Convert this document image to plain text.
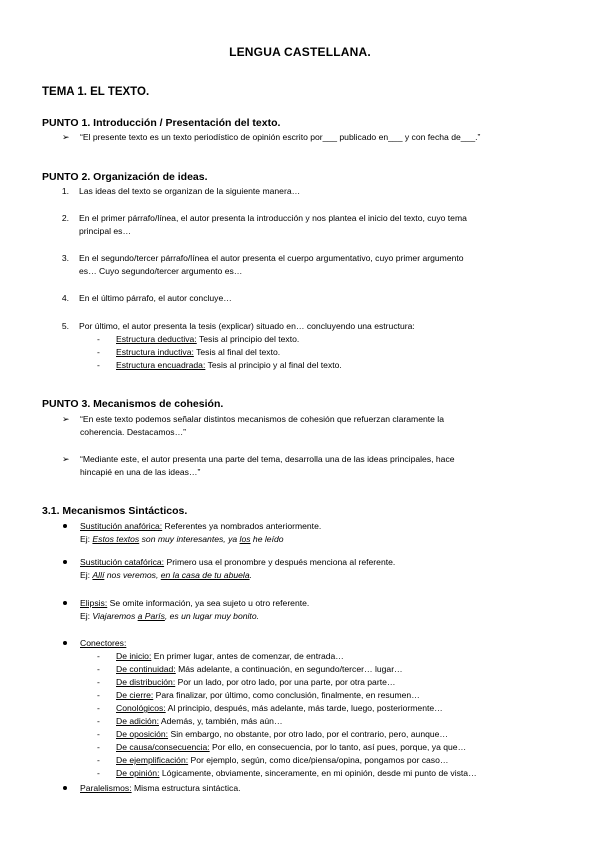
LENGUA CASTELLANA.
TEMA 1. EL TEXTO.
PUNTO 1. Introducción / Presentación del texto.
➢ “El presente texto es un texto periodístico de opinión escrito por___ publicado en___ y con fecha de___.”
PUNTO 2. Organización de ideas.
1. Las ideas del texto se organizan de la siguiente manera…
2. En el primer párrafo/línea, el autor presenta la introducción y nos plantea el inicio del texto, cuyo tema
principal es…
3. En el segundo/tercer párrafo/línea el autor presenta el cuerpo argumentativo, cuyo primer argumento
es… Cuyo segundo/tercer argumento es…
4. En el último párrafo, el autor concluye…
5. Por último, el autor presenta la tesis (explicar) situado en… concluyendo una estructura:
- Estructura deductiva: Tesis al principio del texto.
- Estructura inductiva: Tesis al final del texto.
- Estructura encuadrada: Tesis al principio y al final del texto.
PUNTO 3. Mecanismos de cohesión.
➢ “En este texto podemos señalar distintos mecanismos de cohesión que refuerzan claramente la
coherencia. Destacamos…”
➢ “Mediante este, el autor presenta una parte del tema, desarrolla una de las ideas principales, hace
hincapié en una de las ideas…”
3.1. Mecanismos Sintácticos.
Sustitución anafórica: Referentes ya nombrados anteriormente.
Ej: Estos textos son muy interesantes, ya los he leído
Sustitución catafórica: Primero usa el pronombre y después menciona al referente.
Ej: Allí nos veremos, en la casa de tu abuela.
Elipsis: Se omite información, ya sea sujeto u otro referente.
Ej: Viajaremos a París, es un lugar muy bonito.
Conectores:
- De inicio: En primer lugar, antes de comenzar, de entrada…
- De continuidad: Más adelante, a continuación, en segundo/tercer… lugar…
- De distribución: Por un lado, por otro lado, por una parte, por otra parte…
- De cierre: Para finalizar, por último, como conclusión, finalmente, en resumen…
- Conológicos: Al principio, después, más adelante, más tarde, luego, posteriormente…
- De adición: Además, y, también, más aún…
- De oposición: Sin embargo, no obstante, por otro lado, por el contrario, pero, aunque…
- De causa/consecuencia: Por ello, en consecuencia, por lo tanto, así pues, porque, ya que…
- De ejemplificación: Por ejemplo, según, como dice/piensa/opina, pongamos por caso…
- De opinión: Lógicamente, obviamente, sinceramente, en mi opinión, desde mi punto de vista…
Paralelismos: Misma estructura sintáctica.
